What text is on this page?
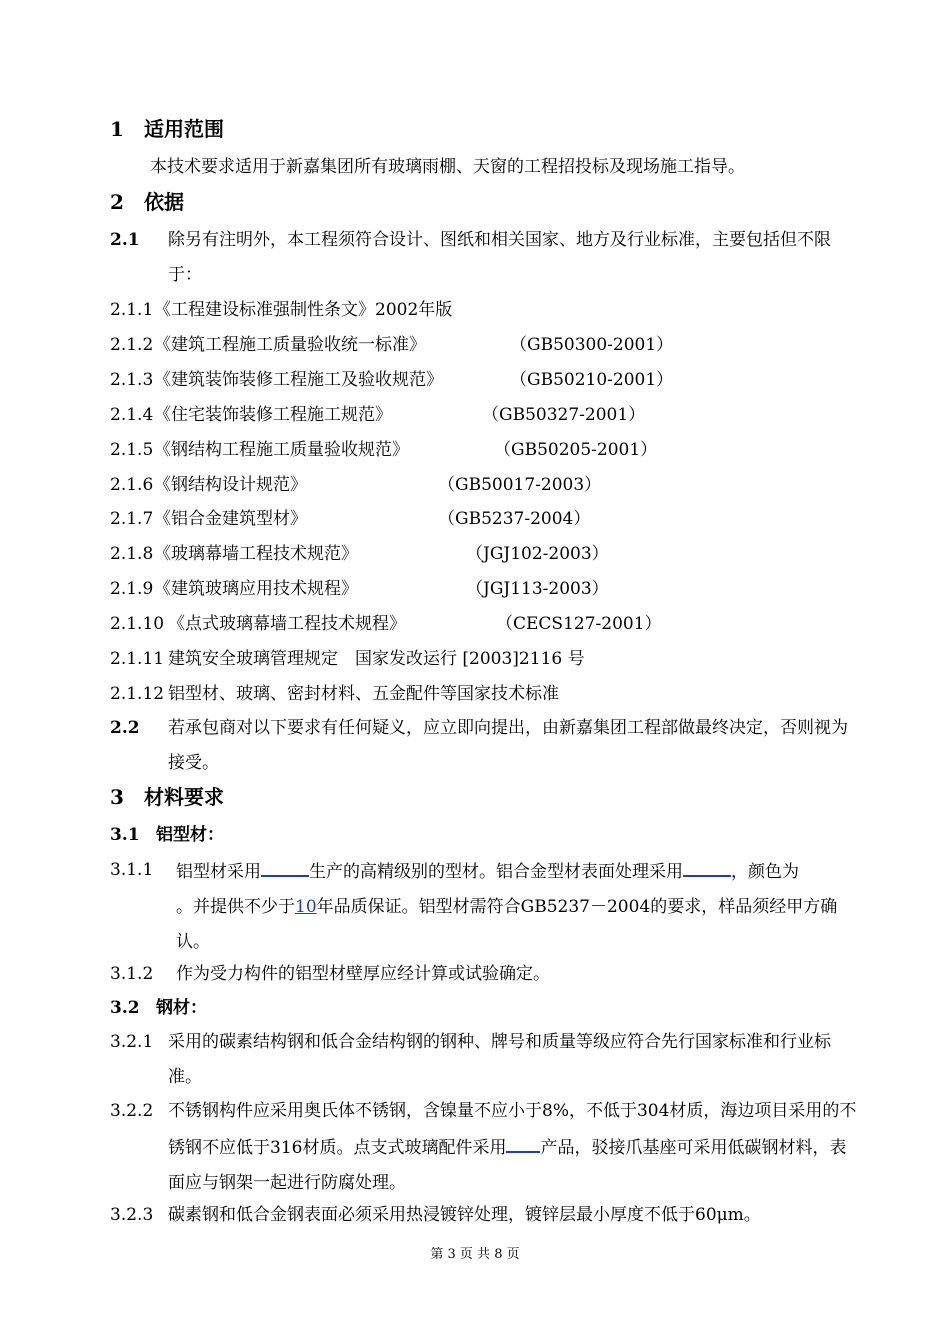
1 适用范围
本技术要求适用于新嘉集团所有玻璃雨棚、天窗的工程招投标及现场施工指导。
2 依据
2.1	除另有注明外，本工程须符合设计、图纸和相关国家、地方及行业标准，主要包括但不限于：
2.1.1《工程建设标准强制性条文》2002年版
2.1.2《建筑工程施工质量验收统一标准》	（GB50300-2001）
2.1.3《建筑装饰装修工程施工及验收规范》	（GB50210-2001）
2.1.4《住宅装饰装修工程施工规范》	（GB50327-2001）
2.1.5《钢结构工程施工质量验收规范》	（GB50205-2001）
2.1.6《钢结构设计规范》	（GB50017-2003）
2.1.7《铝合金建筑型材》	（GB5237-2004）
2.1.8《玻璃幕墙工程技术规范》	（JGJ102-2003）
2.1.9《建筑玻璃应用技术规程》	（JGJ113-2003）
2.1.10 《点式玻璃幕墙工程技术规程》	（CECS127-2001）
2.1.11 建筑安全玻璃管理规定　国家发改运行 [2003]2116 号
2.1.12 铝型材、玻璃、密封材料、五金配件等国家技术标准
2.2	若承包商对以下要求有任何疑义，应立即向提出，由新嘉集团工程部做最终决定，否则视为接受。
3 材料要求
3.1 铝型材：
3.1.1	铝型材采用	生产的高精级别的型材。铝合金型材表面处理采用	，颜色为
。并提供不少于10年品质保证。铝型材需符合GB5237－2004的要求，样品须经甲方确认。
3.1.2	作为受力构件的铝型材壁厚应经计算或试验确定。
3.2 钢材：
3.2.1 采用的碳素结构钢和低合金结构钢的钢种、牌号和质量等级应符合先行国家标准和行业标准。
3.2.2 不锈钢构件应采用奥氏体不锈钢，含镍量不应小于8%，不低于304材质，海边项目采用的不锈钢不应低于316材质。点支式玻璃配件采用 产品，驳接爪基座可采用低碳钢材料，表面应与钢架一起进行防腐处理。
3.2.3 碳素钢和低合金钢表面必须采用热浸镀锌处理，镀锌层最小厚度不低于60μm。
第 3 页 共 8 页
